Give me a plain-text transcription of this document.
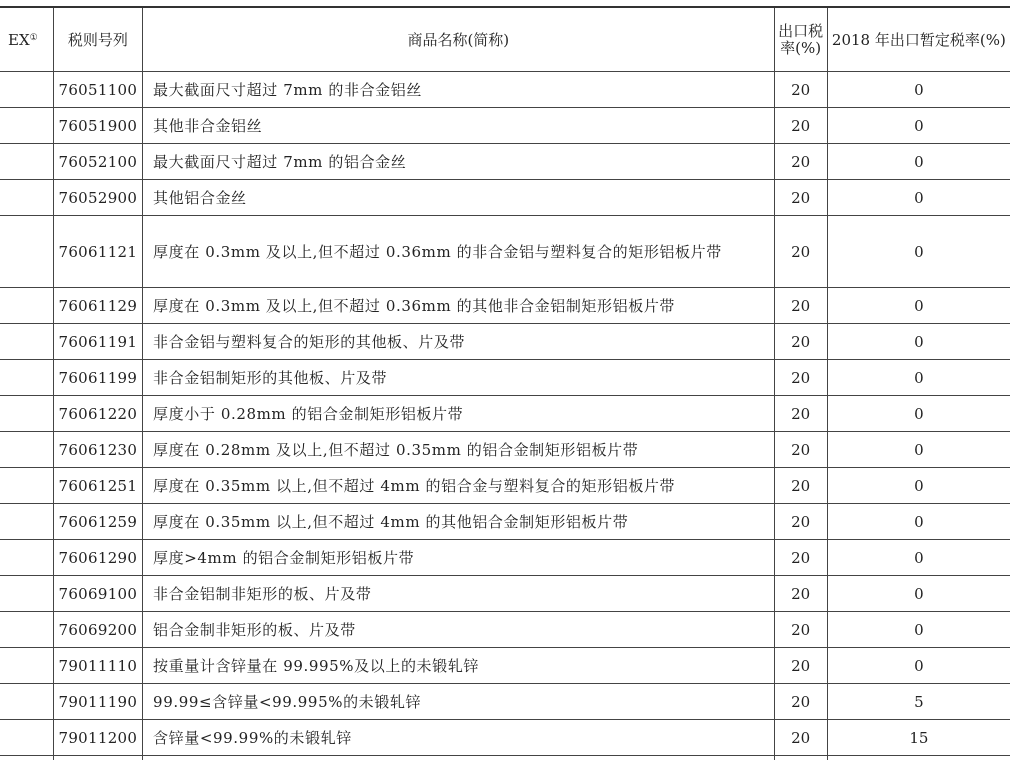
EX①	税则号列	商品名称(简称)	出口税率(%)	2018 年出口暂定税率(%)
	76051100	最大截面尺寸超过 7mm 的非合金铝丝	20	0
	76051900	其他非合金铝丝	20	0
	76052100	最大截面尺寸超过 7mm 的铝合金丝	20	0
	76052900	其他铝合金丝	20	0
	76061121	厚度在 0.3mm 及以上,但不超过 0.36mm 的非合金铝与塑料复合的矩形铝板片带	20	0
	76061129	厚度在 0.3mm 及以上,但不超过 0.36mm 的其他非合金铝制矩形铝板片带	20	0
	76061191	非合金铝与塑料复合的矩形的其他板、片及带	20	0
	76061199	非合金铝制矩形的其他板、片及带	20	0
	76061220	厚度小于 0.28mm 的铝合金制矩形铝板片带	20	0
	76061230	厚度在 0.28mm 及以上,但不超过 0.35mm 的铝合金制矩形铝板片带	20	0
	76061251	厚度在 0.35mm 以上,但不超过 4mm 的铝合金与塑料复合的矩形铝板片带	20	0
	76061259	厚度在 0.35mm 以上,但不超过 4mm 的其他铝合金制矩形铝板片带	20	0
	76061290	厚度>4mm 的铝合金制矩形铝板片带	20	0
	76069100	非合金铝制非矩形的板、片及带	20	0
	76069200	铝合金制非矩形的板、片及带	20	0
	79011110	按重量计含锌量在 99.995%及以上的未锻轧锌	20	0
	79011190	99.99≤含锌量<99.995%的未锻轧锌	20	5
	79011200	含锌量<99.99%的未锻轧锌	20	15
